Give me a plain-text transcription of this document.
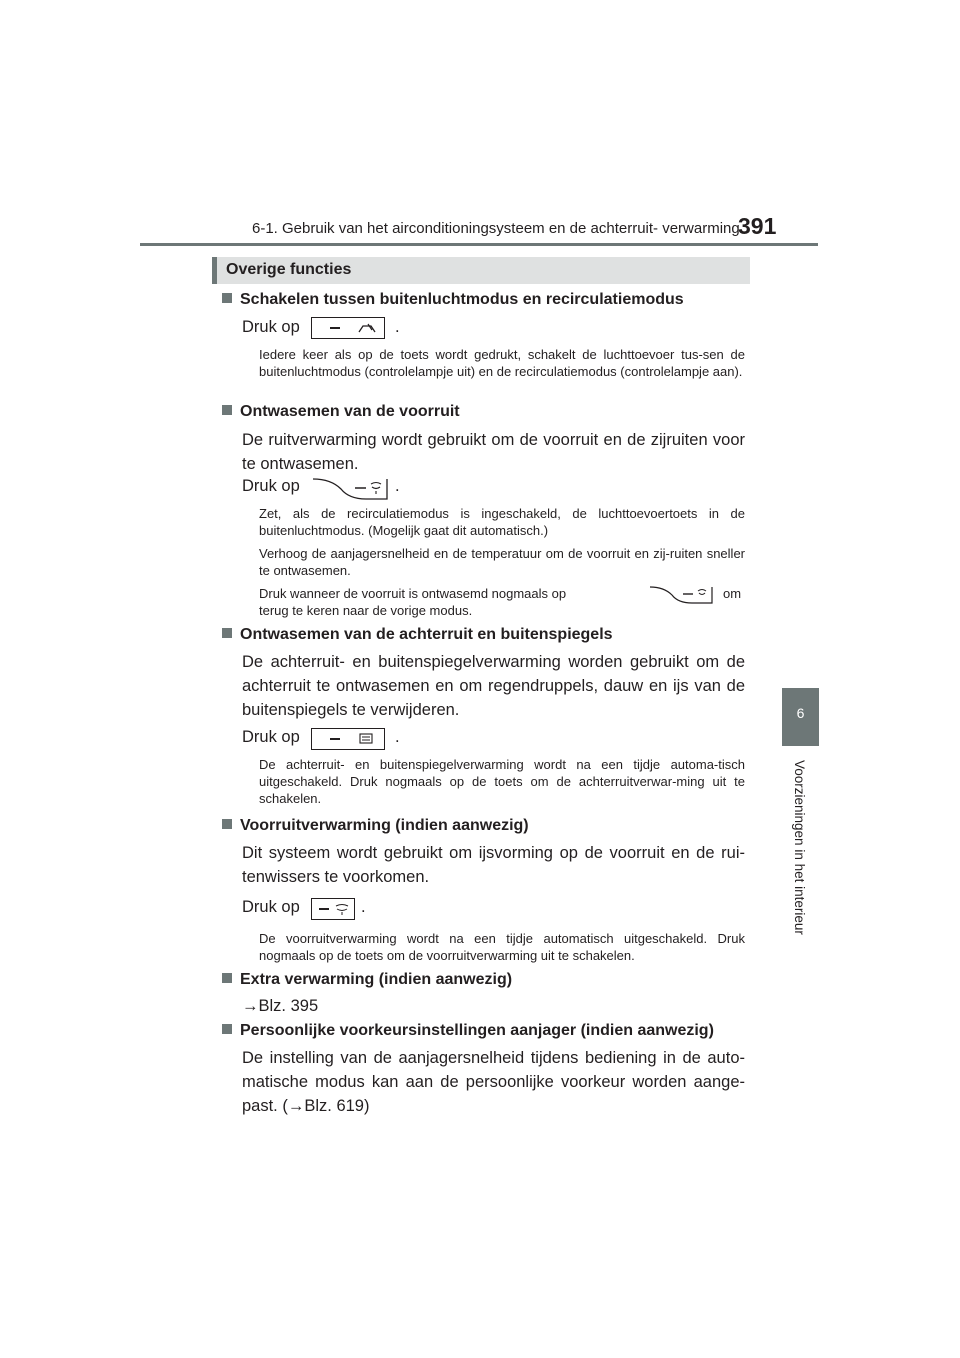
6-1. Gebruik van het airconditioningsysteem en de achterruit- verwarming
391
6
Voorzieningen in het interieur
Overige functies
Schakelen tussen buitenluchtmodus en recirculatiemodus
Druk op	.
Iedere keer als op de toets wordt gedrukt, schakelt de luchttoevoer tus-sen de buitenluchtmodus (controlelampje uit) en de recirculatiemodus (controlelampje aan).
Ontwasemen van de voorruit
De ruitverwarming wordt gebruikt om de voorruit en de zijruiten voor te ontwasemen.
Druk op	.
Zet, als de recirculatiemodus is ingeschakeld, de luchttoevoertoets in de buitenluchtmodus. (Mogelijk gaat dit automatisch.)
Verhoog de aanjagersnelheid en de temperatuur om de voorruit en zij-ruiten sneller te ontwasemen.
Druk wanneer de voorruit is ontwasemd nogmaals op	om
terug te keren naar de vorige modus.
Ontwasemen van de achterruit en buitenspiegels
De achterruit- en buitenspiegelverwarming worden gebruikt om de achterruit te ontwasemen en om regendruppels, dauw en ijs van de buitenspiegels te verwijderen.
Druk op	.
De achterruit- en buitenspiegelverwarming wordt na een tijdje automa-tisch uitgeschakeld. Druk nogmaals op de toets om de achterruitverwar-ming uit te schakelen.
Voorruitverwarming (indien aanwezig)
Dit systeem wordt gebruikt om ijsvorming op de voorruit en de rui-tenwissers te voorkomen.
Druk op	.
De voorruitverwarming wordt na een tijdje automatisch uitgeschakeld. Druk nogmaals op de toets om de voorruitverwarming uit te schakelen.
Extra verwarming (indien aanwezig)
→Blz. 395
Persoonlijke voorkeursinstellingen aanjager (indien aanwezig)
De instelling van de aanjagersnelheid tijdens bediening in de auto-matische modus kan aan de persoonlijke voorkeur worden aange-past. (→Blz. 619)
